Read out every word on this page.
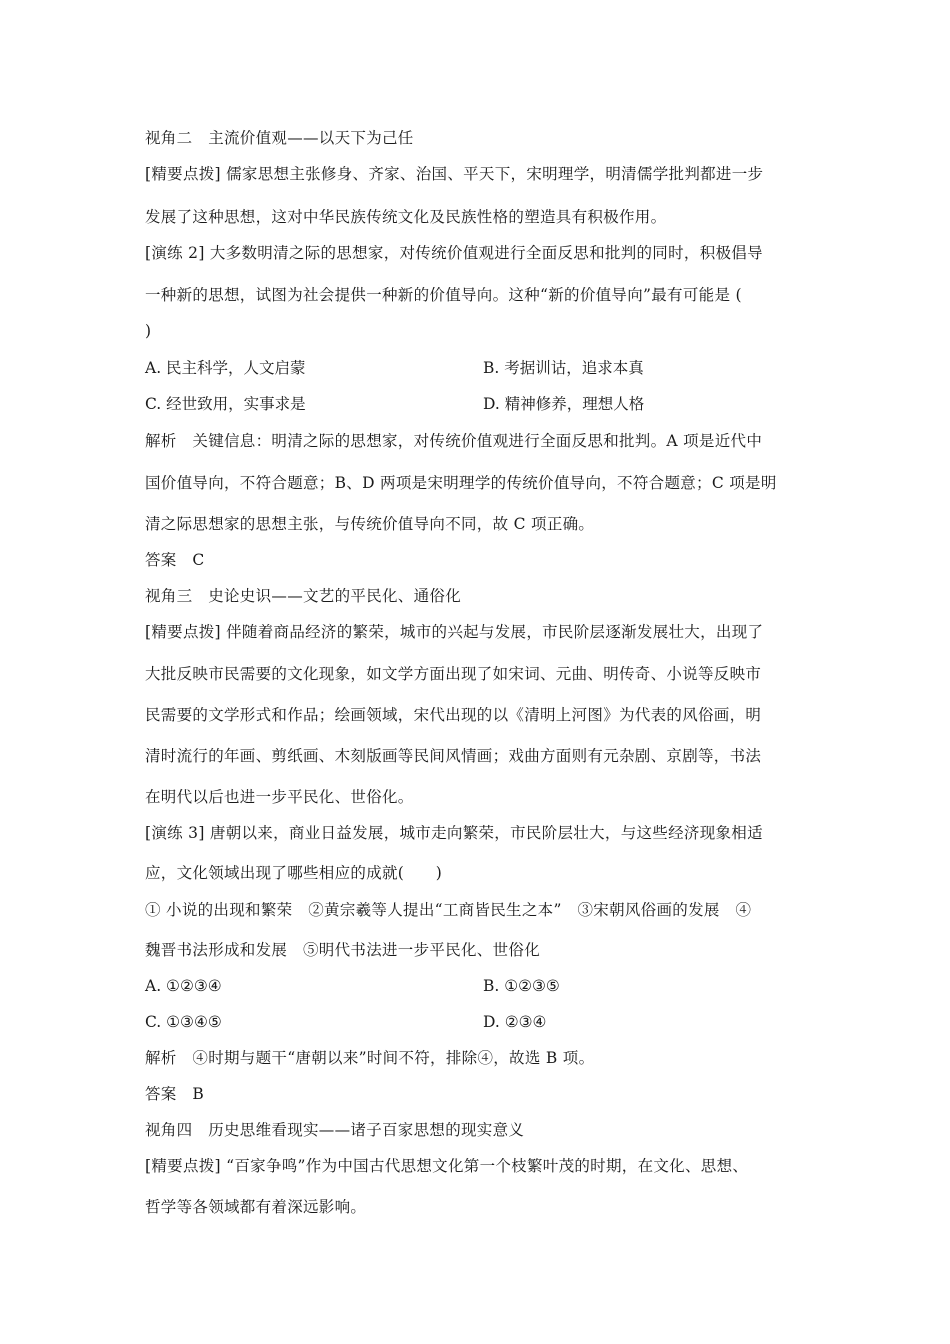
视角二　主流价值观——以天下为己任
[精要点拨] 儒家思想主张修身、齐家、治国、平天下，宋明理学，明清儒学批判都进一步
发展了这种思想，这对中华民族传统文化及民族性格的塑造具有积极作用。
[演练 2] 大多数明清之际的思想家，对传统价值观进行全面反思和批判的同时，积极倡导
一种新的思想，试图为社会提供一种新的价值导向。这种“新的价值导向”最有可能是 (
)
A. 民主科学，人文启蒙	B. 考据训诂，追求本真
C. 经世致用，实事求是	D. 精神修养，理想人格
解析　关键信息：明清之际的思想家，对传统价值观进行全面反思和批判。A 项是近代中
国价值导向，不符合题意；B、D 两项是宋明理学的传统价值导向，不符合题意；C 项是明
清之际思想家的思想主张，与传统价值导向不同，故 C 项正确。
答案　C
视角三　史论史识——文艺的平民化、通俗化
[精要点拨] 伴随着商品经济的繁荣，城市的兴起与发展，市民阶层逐渐发展壮大，出现了
大批反映市民需要的文化现象，如文学方面出现了如宋词、元曲、明传奇、小说等反映市
民需要的文学形式和作品；绘画领域，宋代出现的以《清明上河图》为代表的风俗画，明
清时流行的年画、剪纸画、木刻版画等民间风情画；戏曲方面则有元杂剧、京剧等，书法
在明代以后也进一步平民化、世俗化。
[演练 3] 唐朝以来，商业日益发展，城市走向繁荣，市民阶层壮大，与这些经济现象相适
应，文化领域出现了哪些相应的成就(　　)
① 小说的出现和繁荣　②黄宗羲等人提出“工商皆民生之本”　③宋朝风俗画的发展　④
魏晋书法形成和发展　⑤明代书法进一步平民化、世俗化
A. ①②③④	B. ①②③⑤
C. ①③④⑤	D. ②③④
解析　④时期与题干“唐朝以来”时间不符，排除④，故选 B 项。
答案　B
视角四　历史思维看现实——诸子百家思想的现实意义
[精要点拨] “百家争鸣”作为中国古代思想文化第一个枝繁叶茂的时期，在文化、思想、
哲学等各领域都有着深远影响。
